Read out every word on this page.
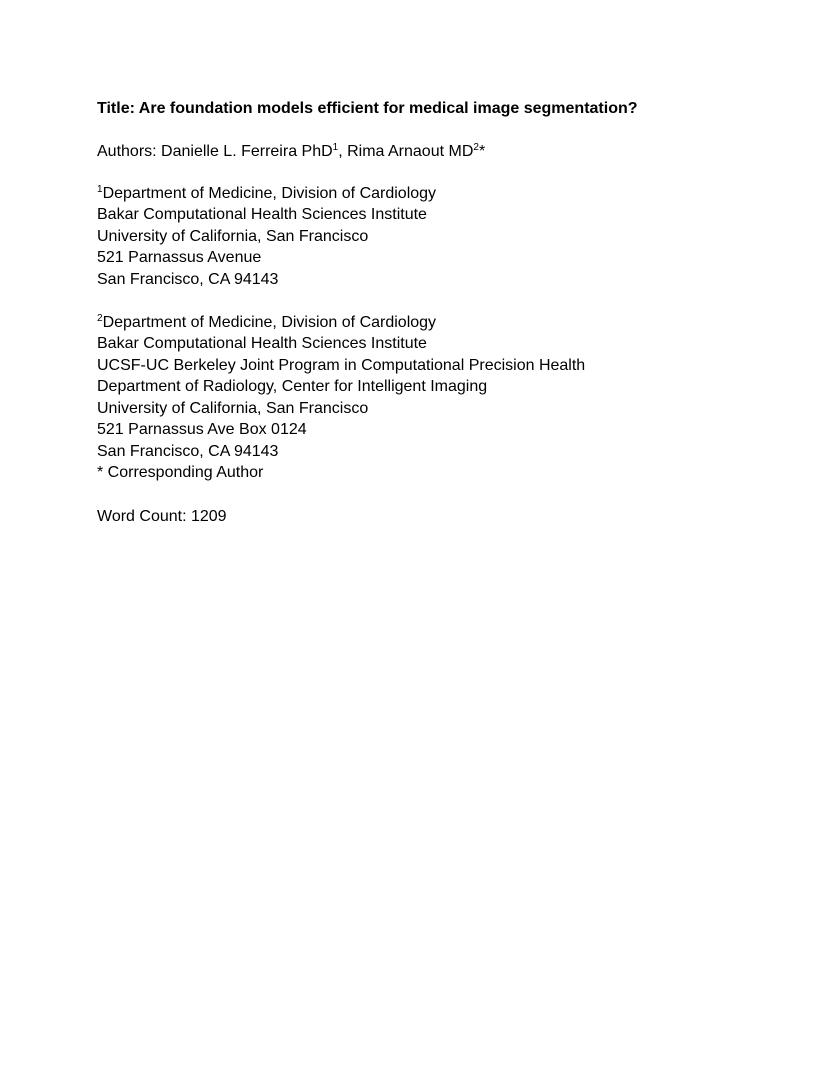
Title: Are foundation models efficient for medical image segmentation?
Authors: Danielle L. Ferreira PhD$^1$, Rima Arnaout $MD^2*$
$^1$Department of Medicine, Division of Cardiology
Bakar Computational Health Sciences Institute
University of California, San Francisco
521 Parnassus Avenue
San Francisco, CA 94143
$^2$Department of Medicine, Division of Cardiology
Bakar Computational Health Sciences Institute
UCSF-UC Berkeley Joint Program in Computational Precision Health
Department of Radiology, Center for Intelligent Imaging
University of California, San Francisco
521 Parnassus Ave Box 0124
San Francisco, CA 94143
* Corresponding Author
Word Count: 1209
